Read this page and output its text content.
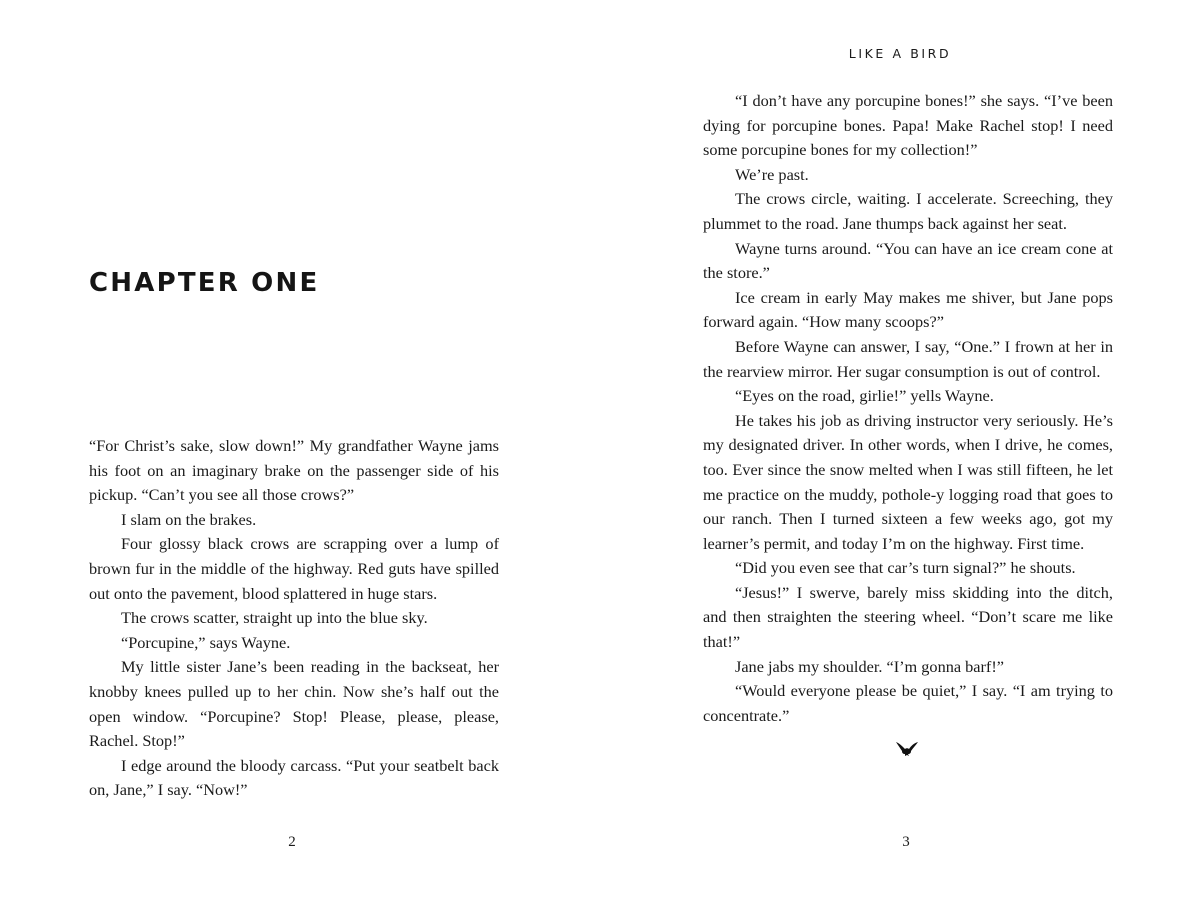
CHAPTER ONE

“For Christ’s sake, slow down!” My grandfather Wayne jams his foot on an imaginary brake on the passenger side of his pickup. “Can’t you see all those crows?”

I slam on the brakes.

Four glossy black crows are scrapping over a lump of brown fur in the middle of the highway. Red guts have spilled out onto the pavement, blood splattered in huge stars.

The crows scatter, straight up into the blue sky.

“Porcupine,” says Wayne.

My little sister Jane’s been reading in the backseat, her knobby knees pulled up to her chin. Now she’s half out the open window. “Porcupine? Stop! Please, please, please, Rachel. Stop!”

I edge around the bloody carcass. “Put your seatbelt back on, Jane,” I say. “Now!”

2
LIKE A BIRD

“I don’t have any porcupine bones!” she says. “I’ve been dying for porcupine bones. Papa! Make Rachel stop! I need some porcupine bones for my collection!”

We’re past.

The crows circle, waiting. I accelerate. Screeching, they plummet to the road. Jane thumps back against her seat.

Wayne turns around. “You can have an ice cream cone at the store.”

Ice cream in early May makes me shiver, but Jane pops forward again. “How many scoops?”

Before Wayne can answer, I say, “One.” I frown at her in the rearview mirror. Her sugar consumption is out of control.

“Eyes on the road, girlie!” yells Wayne.

He takes his job as driving instructor very seriously. He’s my designated driver. In other words, when I drive, he comes, too. Ever since the snow melted when I was still fifteen, he let me practice on the muddy, pothole-y logging road that goes to our ranch. Then I turned sixteen a few weeks ago, got my learner’s permit, and today I’m on the highway. First time.

“Did you even see that car’s turn signal?” he shouts.

“Jesus!” I swerve, barely miss skidding into the ditch, and then straighten the steering wheel. “Don’t scare me like that!”

Jane jabs my shoulder. “I’m gonna barf!”

“Would everyone please be quiet,” I say. “I am trying to concentrate.”

3
